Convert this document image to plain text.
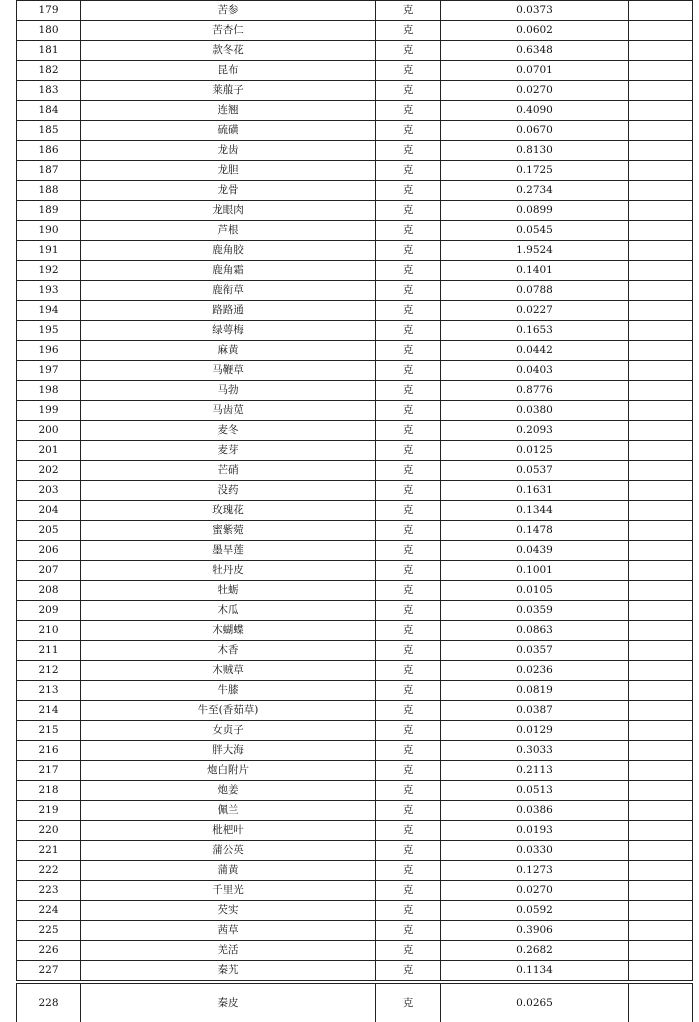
179	苦参	克	0.0373	
180	苦杏仁	克	0.0602	
181	款冬花	克	0.6348	
182	昆布	克	0.0701	
183	莱菔子	克	0.0270	
184	连翘	克	0.4090	
185	硫磺	克	0.0670	
186	龙齿	克	0.8130	
187	龙胆	克	0.1725	
188	龙骨	克	0.2734	
189	龙眼肉	克	0.0899	
190	芦根	克	0.0545	
191	鹿角胶	克	1.9524	
192	鹿角霜	克	0.1401	
193	鹿衔草	克	0.0788	
194	路路通	克	0.0227	
195	绿萼梅	克	0.1653	
196	麻黄	克	0.0442	
197	马鞭草	克	0.0403	
198	马勃	克	0.8776	
199	马齿苋	克	0.0380	
200	麦冬	克	0.2093	
201	麦芽	克	0.0125	
202	芒硝	克	0.0537	
203	没药	克	0.1631	
204	玫瑰花	克	0.1344	
205	蜜紫菀	克	0.1478	
206	墨旱莲	克	0.0439	
207	牡丹皮	克	0.1001	
208	牡蛎	克	0.0105	
209	木瓜	克	0.0359	
210	木蝴蝶	克	0.0863	
211	木香	克	0.0357	
212	木贼草	克	0.0236	
213	牛膝	克	0.0819	
214	牛至(香茹草)	克	0.0387	
215	女贞子	克	0.0129	
216	胖大海	克	0.3033	
217	炮白附片	克	0.2113	
218	炮姜	克	0.0513	
219	佩兰	克	0.0386	
220	枇杷叶	克	0.0193	
221	蒲公英	克	0.0330	
222	蒲黄	克	0.1273	
223	千里光	克	0.0270	
224	芡实	克	0.0592	
225	茜草	克	0.3906	
226	羌活	克	0.2682	
227	秦艽	克	0.1134	
228	秦皮	克	0.0265	
